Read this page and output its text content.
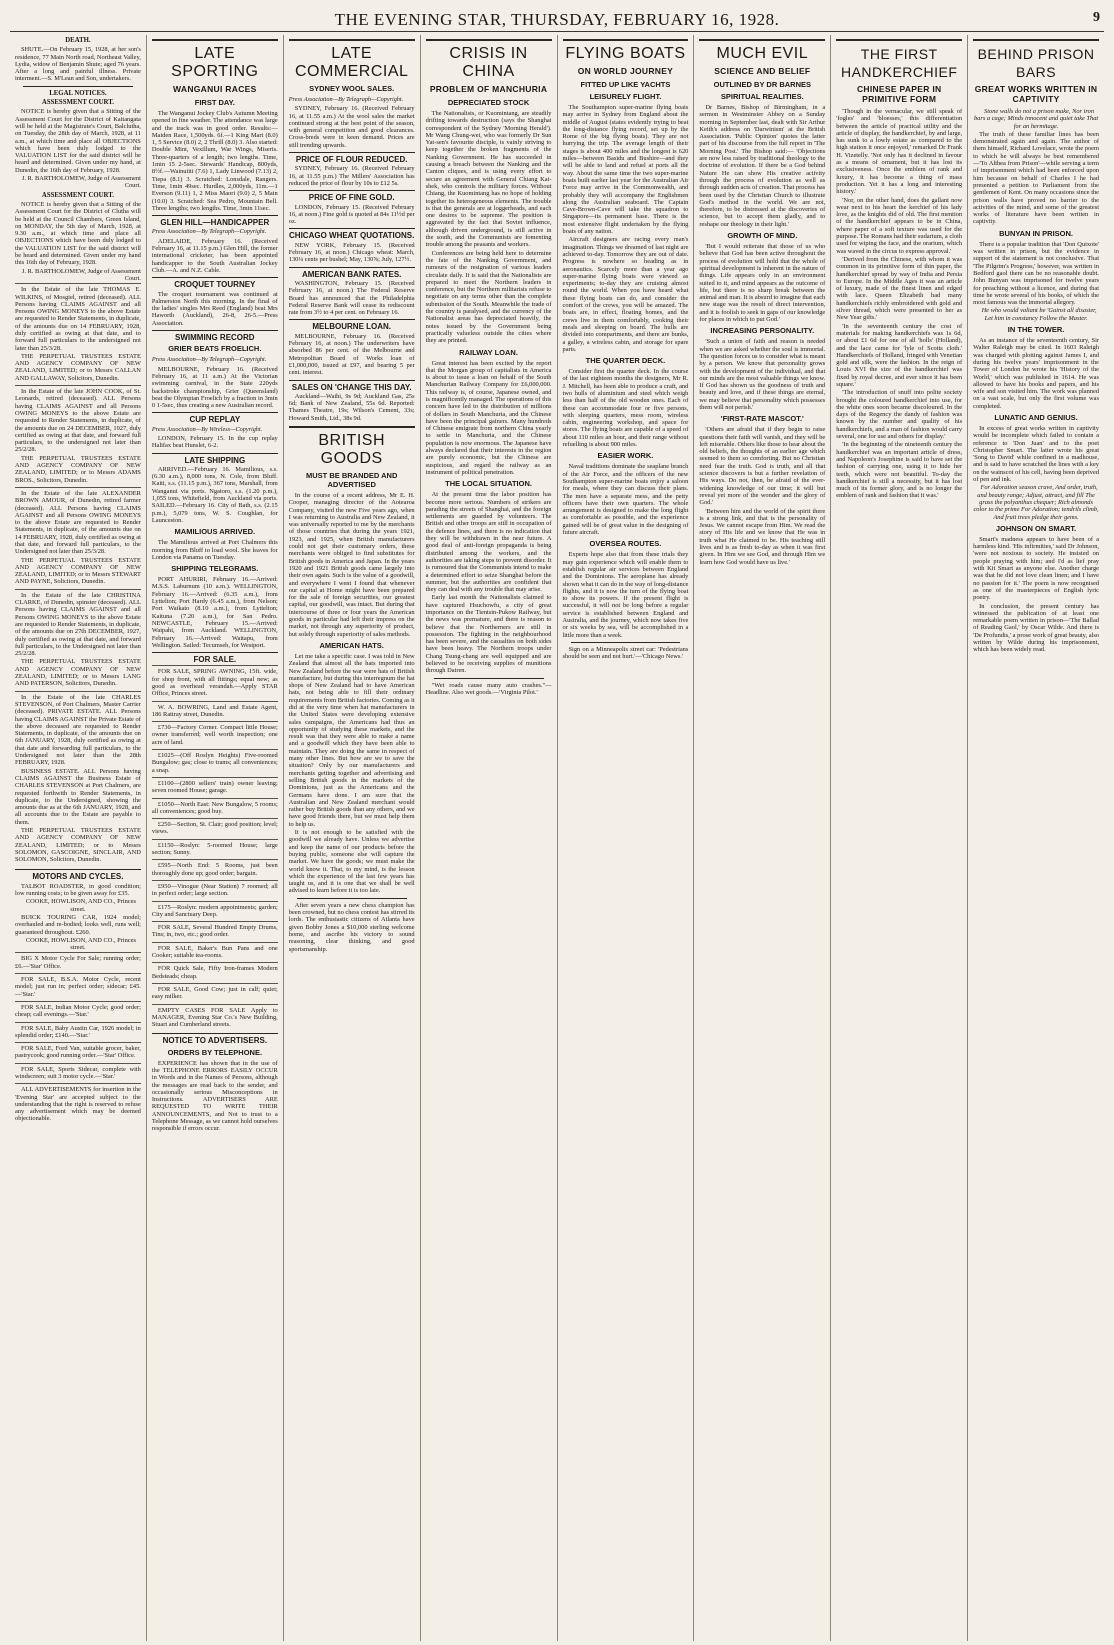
THE EVENING STAR, THURSDAY, FEBRUARY 16, 1928.	9
DEATH.

SHUTE.—On February 15, 1928, at her son's residence, 77 Main North road, Northeast Valley, Lydia, widow of Benjamin Shute; aged 76 years. After a long and painful illness. Private interment.—S. M'Lean and Son, undertakers.

LEGAL NOTICES.
ASSESSMENT COURT.

NOTICE is hereby given that a Sitting of the Assessment Court for the District of Kaitangata will be held at the Magistrate's Court, Balclutha, on Tuesday, the 28th day of March, 1928, at 11 a.m., at which time and place all OBJECTIONS which have been duly lodged to the VALUATION LIST for the said district will be heard and determined. Given under my hand, at Dunedin, the 16th day of February, 1928.

J. R. BARTHOLOMEW, Judge of Assessment Court.

ASSESSMENT COURT.

NOTICE is hereby given that a Sitting of the Assessment Court for the District of Clutha will be held at the Council Chambers, Green Island, on MONDAY, the 5th day of March, 1928, at 9.30 a.m., at which time and place all OBJECTIONS which have been duly lodged to the VALUATION LIST for the said district will be heard and determined. Given under my hand this 16th day of February, 1928.

J. R. BARTHOLOMEW, Judge of Assessment Court.

In the Estate of the late THOMAS E. WILKINS, of Mosgiel, retired (deceased). ALL Persons having CLAIMS AGAINST and all Persons OWING MONEYS to the above Estate are requested to Render Statements, in duplicate, of the amounts due on 14 FEBRUARY, 1928, duly certified as owing at that date, and to forward full particulars to the undersigned not later than 25/3/28.

THE PERPETUAL TRUSTEES ESTATE AND AGENCY COMPANY OF NEW ZEALAND, LIMITED; or to Messrs CALLAN AND GALLAWAY, Solicitors, Dunedin.

In the Estate of the late JOHN COOK, of St. Leonards, retired (deceased). ALL Persons having CLAIMS AGAINST and all Persons OWING MONEYS to the above Estate are requested to Render Statements, in duplicate, of the amounts due on 24 DECEMBER, 1927, duly certified as owing at that date, and forward full particulars, to the undersigned not later than 25/2/28.

THE PERPETUAL TRUSTEES ESTATE AND AGENCY COMPANY OF NEW ZEALAND, LIMITED; or to Messrs ADAMS BROS., Solicitors, Dunedin.

In the Estate of the late ALEXANDER BROWN AMOUR, of Dunedin, retired farmer (deceased). ALL Persons having CLAIMS AGAINST and all Persons OWING MONEYS to the above Estate are requested to Render Statements, in duplicate, of the amounts due on 14 FEBRUARY, 1928, duly certified as owing at that date, and forward full particulars, to the Undersigned not later than 25/3/28.

THE PERPETUAL TRUSTEES ESTATE AND AGENCY COMPANY OF NEW ZEALAND, LIMITED; or to Messrs STEWART AND PAYNE, Solicitors, Dunedin.

In the Estate of the late CHRISTINA CLARKE, of Dunedin, spinster (deceased). ALL Persons having CLAIMS AGAINST and all Persons OWING MONEYS to the above Estate are requested to Render Statements, in duplicate, of the amounts due on 27th DECEMBER, 1927, duly certified as owing at that date, and forward full particulars, to the Undersigned not later than 25/2/28.

THE PERPETUAL TRUSTEES ESTATE AND AGENCY COMPANY OF NEW ZEALAND, LIMITED; or to Messrs LANG AND PATERSON, Solicitors, Dunedin.

In the Estate of the late CHARLES STEVENSON, of Port Chalmers, Master Carrier (deceased). PRIVATE ESTATE. ALL Persons having CLAIMS AGAINST the Private Estate of the above deceased are requested to Render Statements, in duplicate, of the amounts due on 6th JANUARY, 1928, duly certified as owing at that date and forwarding full particulars, to the Undersigned not later than the 28th FEBRUARY, 1928.

BUSINESS ESTATE. ALL Persons having CLAIMS AGAINST the Business Estate of CHARLES STEVENSON at Port Chalmers, are requested forthwith to Render Statements, in duplicate, to the Undersigned, showing the amounts due as at the 6th JANUARY, 1928, and all accounts due to the Estate are payable to them.

THE PERPETUAL TRUSTEES ESTATE AND AGENCY COMPANY OF NEW ZEALAND, LIMITED; or to Messrs SOLOMON, GASCOIGNE, SINCLAIR, AND SOLOMON, Solicitors, Dunedin.

MOTORS AND CYCLES.

TALBOT ROADSTER, in good condition; low running costs; to be given away for £35.

COOKE, HOWLISON, AND CO., Princes street.

BUICK TOURING CAR, 1924 model; overhauled and re-bodied; looks well, runs well; guaranteed throughout. £260.

COOKE, HOWLISON, AND CO., Princes street.

BIG X Motor Cycle For Sale; running order; £6.—'Star' Office.

FOR SALE, B.S.A. Motor Cycle, recent model; just run in; perfect order; sidecar; £45.—'Star.'

FOR SALE, Indian Motor Cycle; good order; cheap; call evenings.—'Star.'

FOR SALE, Baby Austin Car, 1926 model; in splendid order; £140.—'Star.'

FOR SALE, Ford Van, suitable grocer, baker, pastrycook; good running order.—'Star' Office.

FOR SALE, Sports Sidecar, complete with windscreen; suit 3 motor cycle.—'Star.'

ALL ADVERTISEMENTS for insertion in the 'Evening Star' are accepted subject to the understanding that the right is reserved to refuse any advertisement which may be deemed objectionable.

LATE SPORTING
WANGANUI RACES
FIRST DAY.

The Wanganui Jockey Club's Autumn Meeting opened in fine weather. The attendance was large and the track was in good order. Results:— Maiden Race, 1,500yds. 6f.—1 King Mart (8.0) 1, 5 Service (8.0) 2, 2 Thrill (8.0) 3. Also started: Double Mint, Vexillum, War Wings, Miseris. Three-quarters of a length; two lengths. Time, 1min 15 2-5sec. Stewards' Handicap, 800yds, 8½f.—Wainuiiti (7.6) 1, Lady Linwood (7.13) 2, Tiepa (8.1) 3. Scratched: Lonsdale, Rangers. Time, 1min 49sec. Hurdles, 2,000yds, 11m.—1 Everson (9.11) 1, 2 Miss Maori (9.0) 2, 5 Main (10.0) 3. Scratched: Sea Pedro, Mountain Bell. Three lengths; two lengths. Time, 3min 11sec.

GLEN HILL—HANDICAPPER
Press Association—By Telegraph—Copyright.

ADELAIDE, February 16. (Received February 16, at 11.15 p.m.) Glen Hill, the former international cricketer, has been appointed handicapper to the South Australian Jockey Club.—A. and N.Z. Cable.

CROQUET TOURNEY

The croquet tournament was continued at Palmerston North this morning. In the final of the ladies' singles Mrs Reed (England) beat Mrs Haworth (Auckland), 26-8, 26-5.—Press Association.

SWIMMING RECORD
GRIER BEATS FROELICH.
Press Association—By Telegraph—Copyright.

MELBOURNE, February 16. (Received February 16, at 11 a.m.) At the Victorian swimming carnival, in the State 220yds backstroke championship, Grier (Queensland) beat the Olympian Froelich by a fraction in 3min 0 1-5sec, thus creating a new Australian record.

CUP REPLAY
Press Association—By Wireless—Copyright.

LONDON, February 15. In the cup replay Halifax beat Hunslet, 6-2.

LATE SHIPPING

ARRIVED.—February 16. Mamilious, s.s. (6.30 a.m.), 8,000 tons, N. Cole, from Bluff. Kaiti, s.s. (11.15 p.m.), 367 tons, Marshall, from Wanganui via ports. Ngatoro, s.s. (1.20 p.m.), 1,055 tons, Whitefield, from Auckland via ports. SAILED.—February 16. City of Bath, s.s. (2.15 p.m.), 5,079 tons, W. S. Coughlan, for Launceston.

MAMILIOUS ARRIVED.

The Mamilious arrived at Port Chalmers this morning from Bluff to load wool. She leaves for London via Panama on Tuesday.

SHIPPING TELEGRAMS.

PORT AHURIRI, February 16.—Arrived: M.S.S. Laburnum (10 a.m.). WELLINGTON, February 16.—Arrived: (6.35 a.m.), from Lyttelton; Port Hardy (6.45 a.m.), from Nelson; Port Waikato (8.10 a.m.), from Lyttelton; Kaituna (7.20 a.m.), for San Pedro. NEWCASTLE, February 15.—Arrived: Waipahi, from Auckland. WELLINGTON, February 16.—Arrived: Waitapu, from Wellington. Sailed: Tecumseh, for Westport.

FOR SALE.

FOR SALE, SPRING AWNING, 15ft. wide, for shop front, with all fittings; equal new; as good as overhead verandah.—Apply STAR Office, Princes street.

W. A. BOWRING, Land and Estate Agent, 186 Rattray street, Dunedin.

£730—Factory Corner. Compact little House; owner transferred; well worth inspection; one acre of land.

£1025—(Off Roslyn Heights) Five-roomed Bungalow; gas; close to trams; all conveniences; a snap.

£1100—(2800 sellers' train) owner leaving; seven roomed House; garage.

£1050—North East: New Bungalow, 5 rooms; all conveniences; good buy.

£250—Section, St. Clair; good position; level; views.

£1150—Roslyn: 5-roomed House; large section; Sunny.

£595—North End: 5 Rooms, just been thoroughly done up; good order; bargain.

£950—Vinogue (Near Station) 7 roomed; all in perfect order; large section.

£175—Roslyn: modern appointments; garden; City and Sanctuary Deep.

FOR SALE, Several Hundred Empty Drums, Tins; in, two, etc.; good order.

FOR SALE, Baker's Bun Pans and one Cooker; suitable tea-rooms.

FOR Quick Sale, Fifty Iron-frames Modern Bedsteads; cheap.

FOR SALE, Good Cow; just in calf; quiet; easy milker.

EMPTY CASES FOR SALE Apply to MANAGER, Evening Star Co.'s New Building, Stuart and Cumberland streets.

NOTICE TO ADVERTISERS.
ORDERS BY TELEPHONE.

EXPERIENCE has shown that in the use of the TELEPHONE ERRORS EASILY OCCUR in Words and in the Names of Persons, although the messages are read back to the sender, and occasionally serious Misconceptions in Instructions. ADVERTISERS ARE REQUESTED TO WRITE THEIR ANNOUNCEMENTS, and Not to trust to a Telephone Message, as we cannot hold ourselves responsible if errors occur.

LATE COMMERCIAL
SYDNEY WOOL SALES.
Press Association—By Telegraph—Copyright.

SYDNEY, February 16. (Received February 16, at 11.55 a.m.) At the wool sales the market continued strong at the best point of the season, with general competition and good clearances. Cross-breds were in keen demand. Prices are still trending upwards.

PRICE OF FLOUR REDUCED.

SYDNEY, February 16. (Received February 16, at 11.55 p.m.) The Millers' Association has reduced the price of flour by 10s to £12 5s.

PRICE OF FINE GOLD.

LONDON, February 15. (Received February 16, at noon.) Fine gold is quoted at 84s 11½d per oz.

CHICAGO WHEAT QUOTATIONS.

NEW YORK, February 15. (Received February 16, at noon.) Chicago wheat: March, 130¼ cents per bushel; May, 130⅝; July, 127½.

AMERICAN BANK RATES.

WASHINGTON, February 15. (Received February 16, at noon.) The Federal Reserve Board has announced that the Philadelphia Federal Reserve Bank will cease its rediscount rate from 3½ to 4 per cent. on February 16.

MELBOURNE LOAN.

MELBOURNE, February 16. (Received February 16, at noon.) The underwriters have absorbed 86 per cent. of the Melbourne and Metropolitan Board of Works loan of £1,000,000, issued at £97, and bearing 5 per cent. interest.

SALES ON 'CHANGE THIS DAY.

Auckland—Waihi, 9s 9d; Auckland Gas, 25s 6d; Bank of New Zealand, 55s 6d. Reported: Thames Theatre, 19s; Wilson's Cement, 33s; Howard Smith, Ltd., 38s 9d.

BRITISH GOODS
MUST BE BRANDED AND ADVERTISED

In the course of a recent address, Mr E. H. Cooper, managing director of the Aotearoa Company, visited the new Five years ago, when I was returning to Australia and New Zealand, it was universally reported to me by the merchants of those countries that during the years 1921, 1923, and 1925, when British manufacturers could not get their customary orders, these merchants were obliged to find substitutes for British goods in America and Japan. In the years 1920 and 1921 British goods came largely into their own again. Such is the value of a goodwill, and everywhere I went I found that whenever our capital at Home might have been prepared for the sale of foreign securities, our greatest capital, our goodwill, was intact. But during that intercourse of three or four years the American goods in particular had left their impress on the market, not through any superiority of product, but solely through superiority of sales methods.

AMERICAN HATS.

Let me take a specific case. I was told in New Zealand that almost all the hats imported into New Zealand before the war were hats of British manufacture, but during this interregnum the hat shops of New Zealand had to have American hats, not being able to fill their ordinary requirements from British factories. Coming as it did at the very time when hat manufacturers in the United States were developing extensive sales campaigns, the Americans had thus an opportunity of studying these markets, and the result was that they were able to make a name and a goodwill which they have been able to maintain. They are doing the same in respect of many other lines. But how are we to save the situation? Only by our manufacturers and merchants getting together and advertising and selling British goods in the markets of the Dominions, just as the Americans and the Germans have done. I am sure that the Australian and New Zealand merchant would rather buy British goods than any others, and we have good friends there, but we must help them to help us.

It is not enough to be satisfied with the goodwill we already have. Unless we advertise and keep the name of our products before the buying public, someone else will capture the market. We have the goods; we must make the world know it. That, to my mind, is the lesson which the experience of the last few years has taught us, and it is one that we shall be well advised to learn before it is too late.

After seven years a new chess champion has been crowned, but no chess contest has stirred its lords. The enthusiastic citizens of Atlanta have given Bobby Jones a $10,000 sterling welcome home, and ascribe his victory to sound reasoning, clear thinking, and good sportsmanship.

CRISIS IN CHINA
PROBLEM OF MANCHURIA
DEPRECIATED STOCK

The Nationalists, or Kuomintang, are steadily drifting towards destruction (says the Shanghai correspondent of the Sydney 'Morning Herald'). Mr Wang Chung-wei, who was formerly Dr Sun Yat-sen's favourite disciple, is vainly striving to keep together the broken fragments of the Nanking Government. He has succeeded in causing a breach between the Nanking and the Canton cliques, and is using every effort to secure an agreement with General Chiang Kai-shek, who controls the military forces. Without Chiang, the Kuomintang has no hope of holding together its heterogeneous elements. The trouble is that the generals are at loggerheads, and each one desires to be supreme. The position is aggravated by the fact that Soviet influence, although driven underground, is still active in the south, and the Communists are fomenting trouble among the peasants and workers.

Conferences are being held here to determine the fate of the Nanking Government, and rumours of the resignation of various leaders circulate daily. It is said that the Nationalists are prepared to meet the Northern leaders in conference, but the Northern militarists refuse to negotiate on any terms other than the complete submission of the South. Meanwhile the trade of the country is paralysed, and the currency of the Nationalist areas has depreciated heavily, the notes issued by the Government being practically valueless outside the cities where they are printed.

RAILWAY LOAN.

Great interest has been excited by the report that the Morgan group of capitalists in America is about to issue a loan on behalf of the South Manchurian Railway Company for £6,000,000. This railway is, of course, Japanese owned, and is magnificently managed. The operations of this concern have led to the distribution of millions of dollars in South Manchuria, and the Chinese have been the principal gainers. Many hundreds of Chinese emigrate from northern China yearly to settle in Manchuria, and the Chinese population is now enormous. The Japanese have always declared that their interests in the region are purely economic, but the Chinese are suspicious, and regard the railway as an instrument of political penetration.

THE LOCAL SITUATION.

At the present time the labor position has become more serious. Numbers of strikers are parading the streets of Shanghai, and the foreign settlements are guarded by volunteers. The British and other troops are still in occupation of the defence lines, and there is no indication that they will be withdrawn in the near future. A good deal of anti-foreign propaganda is being distributed among the workers, and the authorities are taking steps to prevent disorder. It is rumoured that the Communists intend to make a determined effort to seize Shanghai before the summer, but the authorities are confident that they can deal with any trouble that may arise.

Early last month the Nationalists claimed to have captured Hsuchowfu, a city of great importance on the Tientsin-Pukow Railway, but the news was premature, and there is reason to believe that the Northerners are still in possession. The fighting in the neighbourhood has been severe, and the casualties on both sides have been heavy. The Northern troops under Chang Tsung-chang are well equipped and are believed to be receiving supplies of munitions through Dairen.

"Wet roads cause many auto crashes."—Headline. Also wet goods.—'Virginia Pilot.'

FLYING BOATS
ON WORLD JOURNEY
FITTED UP LIKE YACHTS
LEISURELY FLIGHT.

The Southampton super-marine flying boats may arrive in Sydney from England about the middle of August (states evidently trying to beat the long-distance flying record, set up by the Rome of the big flying boats). They are not hurrying the trip. The average length of their stages is about 400 miles and the longest is 620 miles—between Basidu and Bushire—and they will be able to land and refuel at ports all the way. About the same time the two super-marine boats built earlier last year for the Australian Air Force may arrive in the Commonwealth, and probably they will accompany the Englishmen along the Australian seaboard. The Captain Cave-Brown-Cave will take the squadron to Singapore—its permanent base. There is the most extensive flight undertaken by the flying boats of any nation.

Aircraft designers are racing every man's imagination. Things we dreamed of last night are achieved to-day. Tomorrow they are out of date. Progress is nowhere so heading as in aeronautics. Scarcely more than a year ago super-marine flying boats were viewed as experiments; to-day they are cruising almost round the world. When you have heard what these flying boats can do, and consider the comfort of the crews, you will be amazed. The boats are, in effect, floating homes, and the crews live in them comfortably, cooking their meals and sleeping on board. The hulls are divided into compartments, and there are bunks, a galley, a wireless cabin, and storage for spare parts.

THE QUARTER DECK.

Consider first the quarter deck. In the course of the last eighteen months the designers, Mr R. J. Mitchell, has been able to produce a craft, and two hulls of aluminium and steel which weigh less than half of the old wooden ones. Each of these can accommodate four or five persons, with sleeping quarters, mess room, wireless cabin, engineering workshop, and space for stores. The flying boats are capable of a speed of about 110 miles an hour, and their range without refuelling is about 900 miles.

EASIER WORK.

Naval traditions dominate the seaplane branch of the Air Force, and the officers of the new Southampton super-marine boats enjoy a saloon for meals, where they can discuss their plans. The men have a separate mess, and the petty officers have their own quarters. The whole arrangement is designed to make the long flight as comfortable as possible, and the experience gained will be of great value in the designing of future aircraft.

OVERSEA ROUTES.

Experts hope also that from these trials they may gain experience which will enable them to establish regular air services between England and the Dominions. The aeroplane has already shown what it can do in the way of long-distance flights, and it is now the turn of the flying boat to show its powers. If the present flight is successful, it will not be long before a regular service is established between England and Australia, and the journey, which now takes five or six weeks by sea, will be accomplished in a little more than a week.

Sign on a Minneapolis street car: 'Pedestrians should be seen and not hurt.'—'Chicago News.'

MUCH EVIL
SCIENCE AND BELIEF
OUTLINED BY DR BARNES
SPIRITUAL REALITIES.

Dr Barnes, Bishop of Birmingham, in a sermon in Westminster Abbey on a Sunday morning in September last, dealt with Sir Arthur Keith's address on 'Darwinism' at the British Association. 'Public Opinion' quotes the latter part of his discourse from the full report in 'The Morning Post.' The Bishop said:— 'Objections are now less raised by traditional theology to the doctrine of evolution. If there be a God behind Nature He can show His creative activity through the process of evolution as well as through sudden acts of creation. That process has been used by the Christian Church to illustrate God's method in the world. We are not, therefore, to be distressed at the discoveries of science, but to accept them gladly, and to reshape our theology in their light.'

GROWTH OF MIND.

'But I would reiterate that those of us who believe that God has been active throughout the process of evolution will hold that the whole of spiritual development is inherent in the nature of things. Life appears only in an environment suited to it, and mind appears as the outcome of life, but there is no sharp break between the animal and man. It is absurd to imagine that each new stage was the result of direct intervention, and it is foolish to seek in gaps of our knowledge for places in which to put God.'

INCREASING PERSONALITY.

'Such a union of faith and reason is needed when we are asked whether the soul is immortal. The question forces us to consider what is meant by a person. We know that personality grows with the development of the individual, and that our minds are the most valuable things we know. If God has shown us the goodness of truth and beauty and love, and if these things are eternal, we may believe that personality which possesses them will not perish.'

'FIRST-RATE MASCOT.'

'Others are afraid that if they begin to raise questions their faith will vanish, and they will be left miserable. Others like those to hear about the old beliefs, the thoughts of an earlier age which seemed to them so comforting. But no Christian need fear the truth. God is truth, and all that science discovers is but a further revelation of His ways. Do not, then, be afraid of the ever-widening knowledge of our time; it will but reveal yet more of the wonder and the glory of God.'

'Between him and the world of the spirit there is a strong link, and that is the personality of Jesus. We cannot escape from Him. We read the story of His life and we know that He was in truth what He claimed to be. His teaching still lives and is as fresh to-day as when it was first given. In Him we see God, and through Him we learn how God would have us live.'

THE FIRST HANDKERCHIEF
CHINESE PAPER IN PRIMITIVE FORM

'Though in the vernacular, we still speak of 'fogles' and 'bloesses,' this differentiation between the article of practical utility and the article of display, the handkerchief, by and large, has sunk to a lowly estate as compared to the high station it once enjoyed,' remarked Dr Frank H. Vizetelly. 'Not only has it declined in favour as a means of ornament, but it has lost its exclusiveness. Once the emblem of rank and luxury, it has become a thing of mass production. Yet it has a long and interesting history.'

'Nor, on the other hand, does the gallant now wear next to his heart the kerchief of his lady love, as the knights did of old. The first mention of the handkerchief appears to be in China, where paper of a soft texture was used for the purpose. The Romans had their sudarium, a cloth used for wiping the face, and the orarium, which was waved in the circus to express approval.'

'Derived from the Chinese, with whom it was common in its primitive form of thin paper, the handkerchief spread by way of India and Persia to Europe. In the Middle Ages it was an article of luxury, made of the finest linen and edged with lace. Queen Elizabeth had many handkerchiefs richly embroidered with gold and silver thread, which were presented to her as New Year gifts.'

'In the seventeenth century the cost of materials for making handkerchiefs was 1s 6d, or about £1 6d for one of all 'holls' (Holland), and the lace came for 'lyle of Scotts cloth.' Handkerchiefs of Holland, fringed with Venetian gold and silk, were the fashion. In the reign of Louis XVI the size of the handkerchief was fixed by royal decree, and ever since it has been square.'

'The introduction of snuff into polite society brought the coloured handkerchief into use, for the white ones soon became discoloured. In the days of the Regency the dandy of fashion was known by the number and quality of his handkerchiefs, and a man of fashion would carry several, one for use and others for display.'

'In the beginning of the nineteenth century the handkerchief was an important article of dress, and Napoleon's Josephine is said to have set the fashion of carrying one, using it to hide her teeth, which were not beautiful. To-day the handkerchief is still a necessity, but it has lost much of its former glory, and is no longer the emblem of rank and fashion that it was.'

BEHIND PRISON BARS
GREAT WORKS WRITTEN IN CAPTIVITY

Stone walls do not a prison make, Nor iron bars a cage; Minds innocent and quiet take That for an hermitage.

The truth of these familiar lines has been demonstrated again and again. The author of them himself, Richard Lovelace, wrote the poem to which he will always be best remembered—'To Althea from Prison'—while serving a term of imprisonment which had been enforced upon him because on behalf of Charles I he had presented a petition to Parliament from the gentlemen of Kent. On many occasions since the prison walls have proved no barrier to the activities of the mind, and some of the greatest works of literature have been written in captivity.

BUNYAN IN PRISON.

There is a popular tradition that 'Don Quixote' was written in prison, but the evidence in support of the statement is not conclusive. That 'The Pilgrim's Progress,' however, was written in Bedford gaol there can be no reasonable doubt. John Bunyan was imprisoned for twelve years for preaching without a licence, and during that time he wrote several of his books, of which the most famous was the immortal allegory.

He who would valiant be 'Gainst all disaster, Let him in constancy Follow the Master.

IN THE TOWER.

As an instance of the seventeenth century, Sir Walter Raleigh may be cited. In 1603 Raleigh was charged with plotting against James I, and during his twelve years' imprisonment in the Tower of London he wrote his 'History of the World,' which was published in 1614. He was allowed to have his books and papers, and his wife and son visited him. The work was planned on a vast scale, but only the first volume was completed.

LUNATIC AND GENIUS.

In excess of great works written in captivity would be incomplete which failed to contain a reference to 'Don Juan' and to the poet Christopher Smart. The latter wrote his great 'Song to David' while confined in a madhouse, and is said to have scratched the lines with a key on the wainscot of his cell, having been deprived of pen and ink.

For Adoration season crave, And order, truth, and beauty range; Adjust, attract, and fill The grass the polyanthus chequer; Rich almonds color to the prime For Adoration; tendrils climb, And fruit trees pledge their gems.

JOHNSON ON SMART.

Smart's madness appears to have been of a harmless kind. 'His infirmities,' said Dr Johnson, 'were not noxious to society. He insisted on people praying with him; and I'd as lief pray with Kit Smart as anyone else. Another charge was that he did not love clean linen; and I have no passion for it.' The poem is now recognised as one of the masterpieces of English lyric poetry.

In conclusion, the present century has witnessed the publication of at least one remarkable poem written in prison—'The Ballad of Reading Gaol,' by Oscar Wilde. And there is 'De Profundis,' a prose work of great beauty, also written by Wilde during his imprisonment, which has been widely read.
